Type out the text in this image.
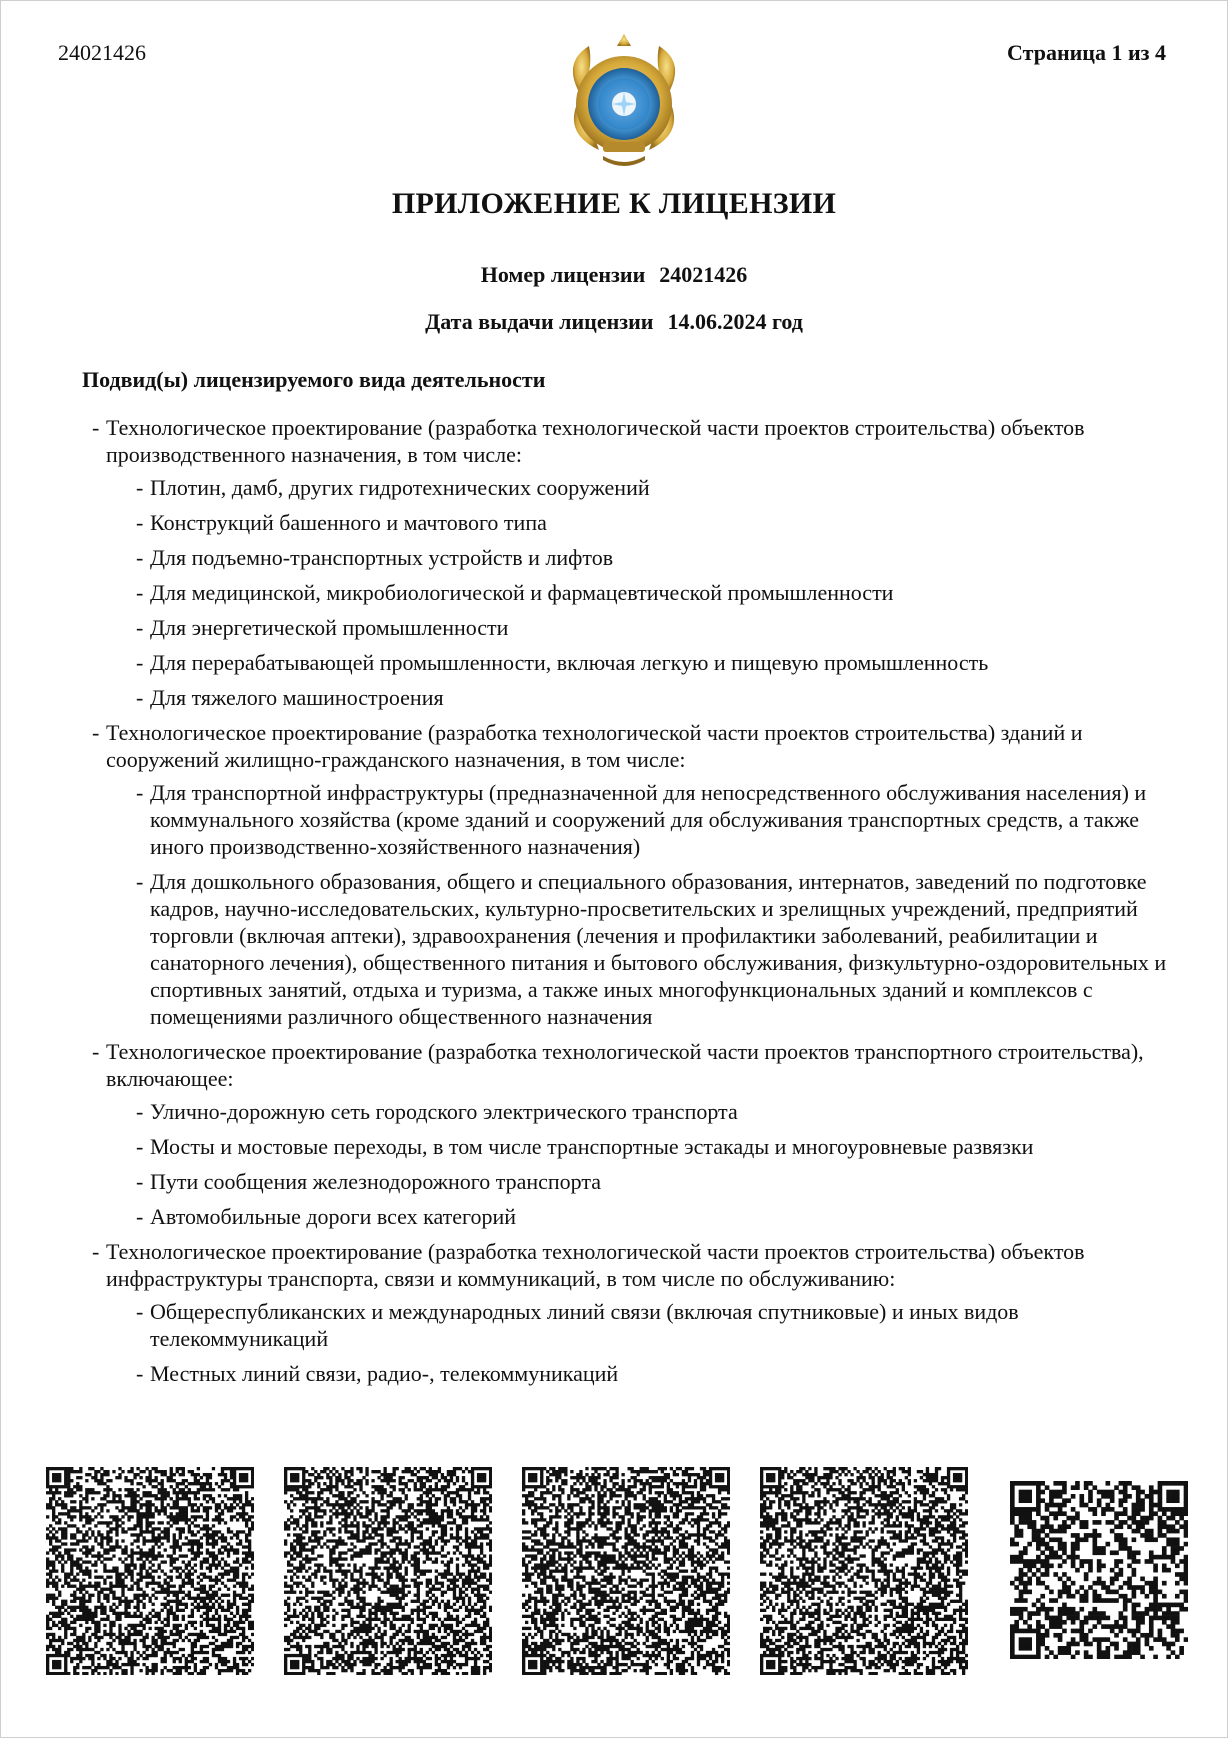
24021426	Страница 1 из 4
ПРИЛОЖЕНИЕ К ЛИЦЕНЗИИ
Номер лицензии 24021426
Дата выдачи лицензии 14.06.2024 год
Подвид(ы) лицензируемого вида деятельности
- Технологическое проектирование (разработка технологической части проектов строительства) объектов производственного назначения, в том числе:
- Плотин, дамб, других гидротехнических сооружений
- Конструкций башенного и мачтового типа
- Для подъемно-транспортных устройств и лифтов
- Для медицинской, микробиологической и фармацевтической промышленности
- Для энергетической промышленности
- Для перерабатывающей промышленности, включая легкую и пищевую промышленность
- Для тяжелого машиностроения
- Технологическое проектирование (разработка технологической части проектов строительства) зданий и сооружений жилищно-гражданского назначения, в том числе:
- Для транспортной инфраструктуры (предназначенной для непосредственного обслуживания населения) и коммунального хозяйства (кроме зданий и сооружений для обслуживания транспортных средств, а также иного производственно-хозяйственного назначения)
- Для дошкольного образования, общего и специального образования, интернатов, заведений по подготовке кадров, научно-исследовательских, культурно-просветительских и зрелищных учреждений, предприятий торговли (включая аптеки), здравоохранения (лечения и профилактики заболеваний, реабилитации и санаторного лечения), общественного питания и бытового обслуживания, физкультурно-оздоровительных и спортивных занятий, отдыха и туризма, а также иных многофункциональных зданий и комплексов с помещениями различного общественного назначения
- Технологическое проектирование (разработка технологической части проектов транспортного строительства), включающее:
- Улично-дорожную сеть городского электрического транспорта
- Мосты и мостовые переходы, в том числе транспортные эстакады и многоуровневые развязки
- Пути сообщения железнодорожного транспорта
- Автомобильные дороги всех категорий
- Технологическое проектирование (разработка технологической части проектов строительства) объектов инфраструктуры транспорта, связи и коммуникаций, в том числе по обслуживанию:
- Общереспубликанских и международных линий связи (включая спутниковые) и иных видов телекоммуникаций
- Местных линий связи, радио-, телекоммуникаций
